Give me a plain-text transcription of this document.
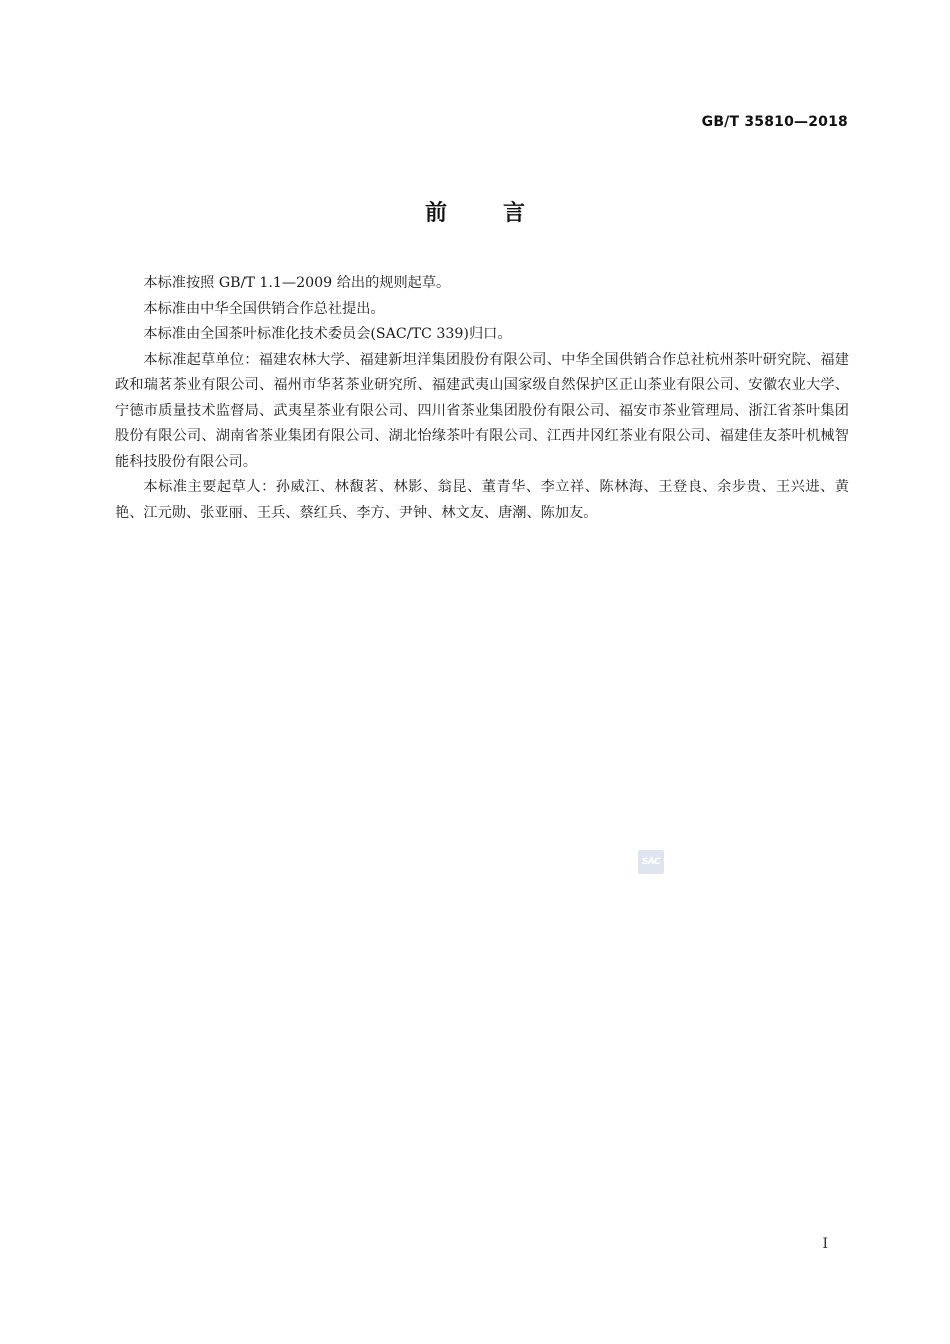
GB/T 35810—2018
前言

本标准按照 GB/T 1.1—2009 给出的规则起草。

本标准由中华全国供销合作总社提出。

本标准由全国茶叶标准化技术委员会(SAC/TC 339)归口。

本标准起草单位：福建农林大学、福建新坦洋集团股份有限公司、中华全国供销合作总社杭州茶叶研究院、福建政和瑞茗茶业有限公司、福州市华茗茶业研究所、福建武夷山国家级自然保护区正山茶业有限公司、安徽农业大学、宁德市质量技术监督局、武夷星茶业有限公司、四川省茶业集团股份有限公司、福安市茶业管理局、浙江省茶叶集团股份有限公司、湖南省茶业集团有限公司、湖北怡缘茶叶有限公司、江西井冈红茶业有限公司、福建佳友茶叶机械智能科技股份有限公司。

本标准主要起草人：孙威江、林馥茗、林影、翁昆、董青华、李立祥、陈林海、王登良、余步贵、王兴进、黄艳、江元勋、张亚丽、王兵、蔡红兵、李方、尹钟、林文友、唐潮、陈加友。

SAC
I
